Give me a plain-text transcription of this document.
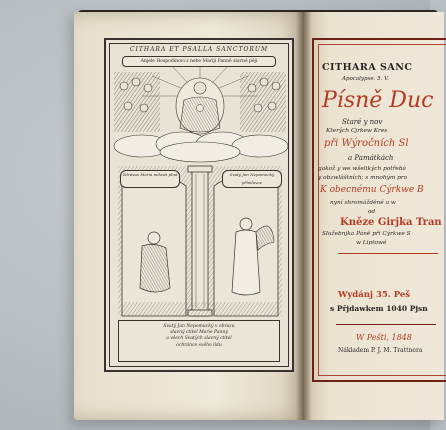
CITHARA ET PSALLA SANCTORUM
Anjele Hospodinovi z nebe Mariji Panně slavně pějí
Zdrávas Maria milosti plná	Svatý Jan Nepomucký přímluvce
Svatý Jan Nepomucký v obrazu
slavný ctitel Marie Panny
a všech Svatých slavný ctitel
ochránce svého lidu
CITHARA SANC
Apocalypse. 5. V.
Písně Duc
Staré y nov
Kterých Cjrkew Kres
při Wýročních Sl
a Památkách
gakož y we wšelikých potřebá
y obzwláštních; s mnohým pro
K obecnému Cýrkwe B
nyní shromážděné a w
od
Kněze Girjka Tran
Služebnjka Páně při Cýrkwe S
w Liptowé
Wydánj 35. Peš
s Přjdawkem 1040 Pjsn
W Pešti, 1848
Nákladem P. J. M. Trattnera
